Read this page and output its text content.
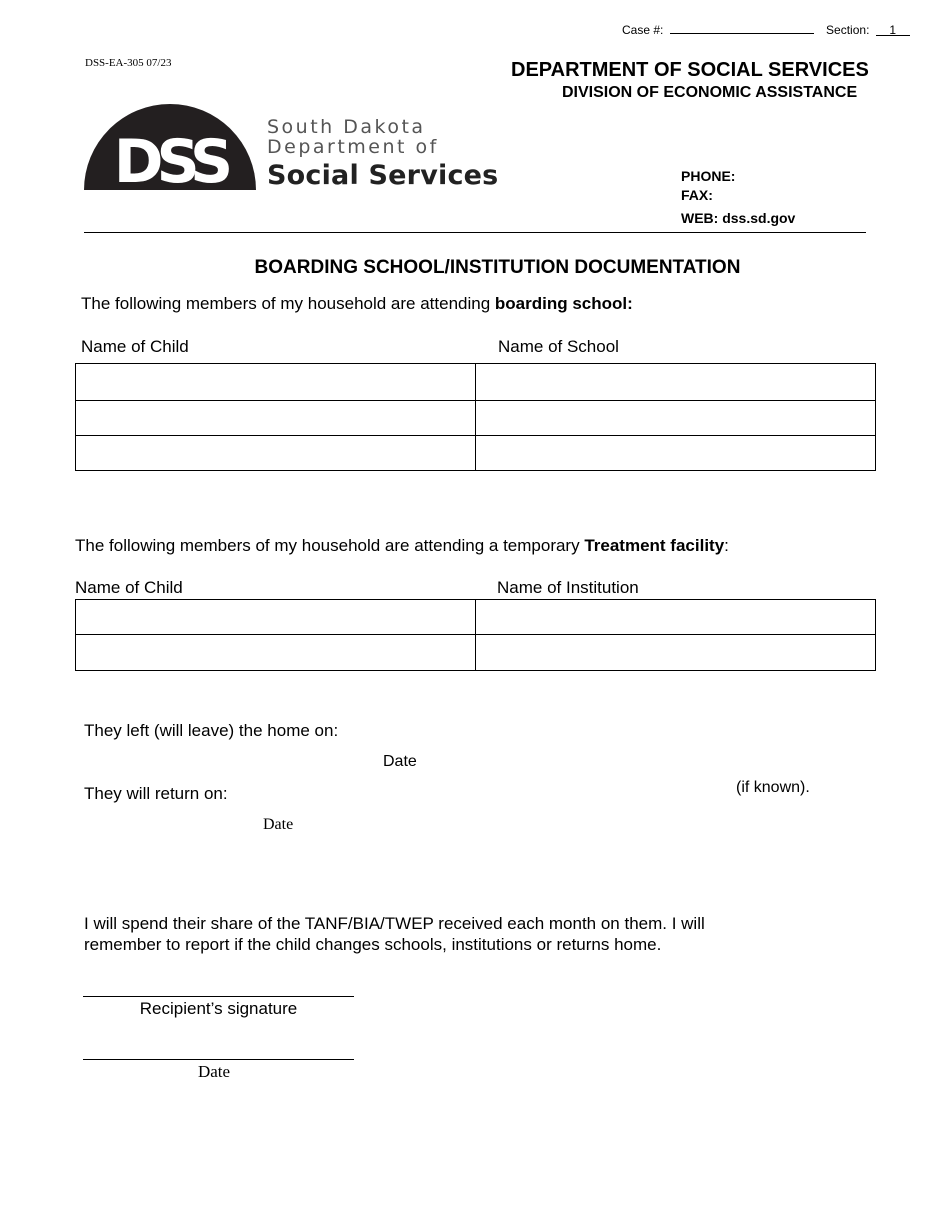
Case #:	Section: 1
DSS-EA-305 07/23	DEPARTMENT OF SOCIAL SERVICES
DIVISION OF ECONOMIC ASSISTANCE
DSS South Dakota
Department of
Social Services	PHONE:
FAX:
WEB: dss.sd.gov
BOARDING SCHOOL/INSTITUTION DOCUMENTATION
The following members of my household are attending boarding school:
Name of Child	Name of School

The following members of my household are attending a temporary Treatment facility:
Name of Child	Name of Institution

They left (will leave) the home on:
Date
They will return on:	(if known).
Date
I will spend their share of the TANF/BIA/TWEP received each month on them. I will
remember to report if the child changes schools, institutions or returns home.
Recipient’s signature
Date
